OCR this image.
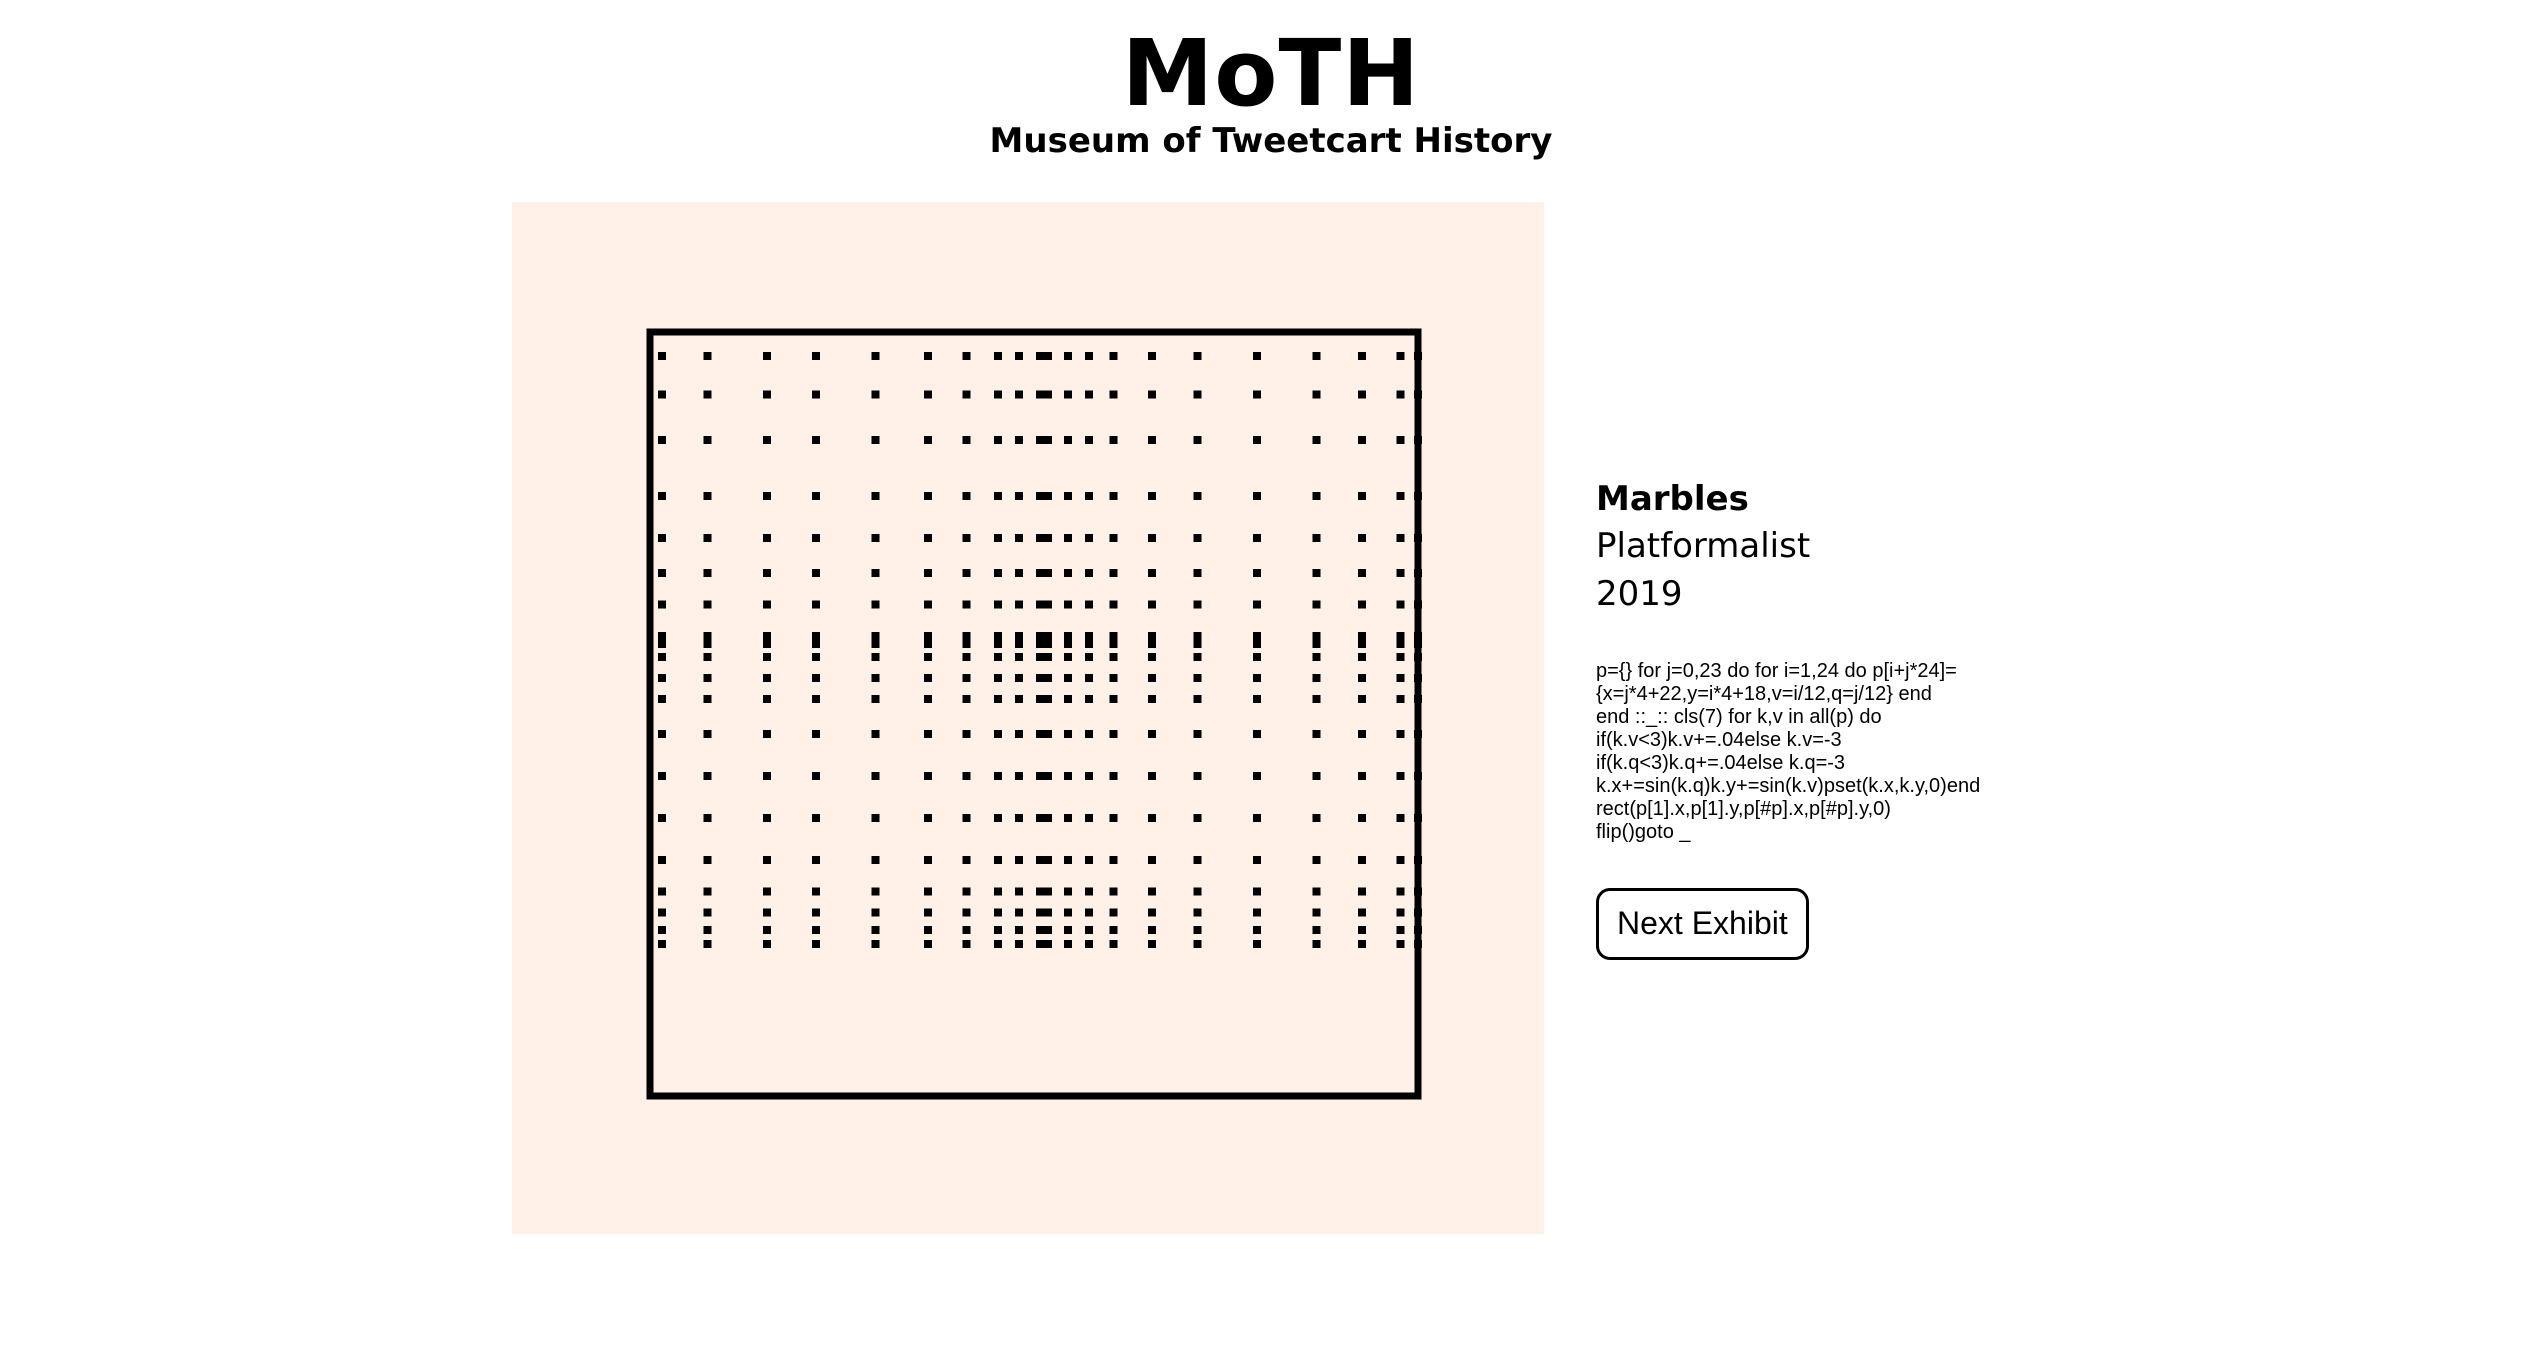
MoTH
Museum of Tweetcart History
Marbles
Platformalist
2019
p={} for j=0,23 do for i=1,24 do p[i+j*24]=
{x=j*4+22,y=i*4+18,v=i/12,q=j/12} end
end ::_:: cls(7) for k,v in all(p) do
if(k.v<3)k.v+=.04else k.v=-3
if(k.q<3)k.q+=.04else k.q=-3
k.x+=sin(k.q)k.y+=sin(k.v)pset(k.x,k.y,0)end
rect(p[1].x,p[1].y,p[#p].x,p[#p].y,0)
flip()goto _
Next Exhibit
